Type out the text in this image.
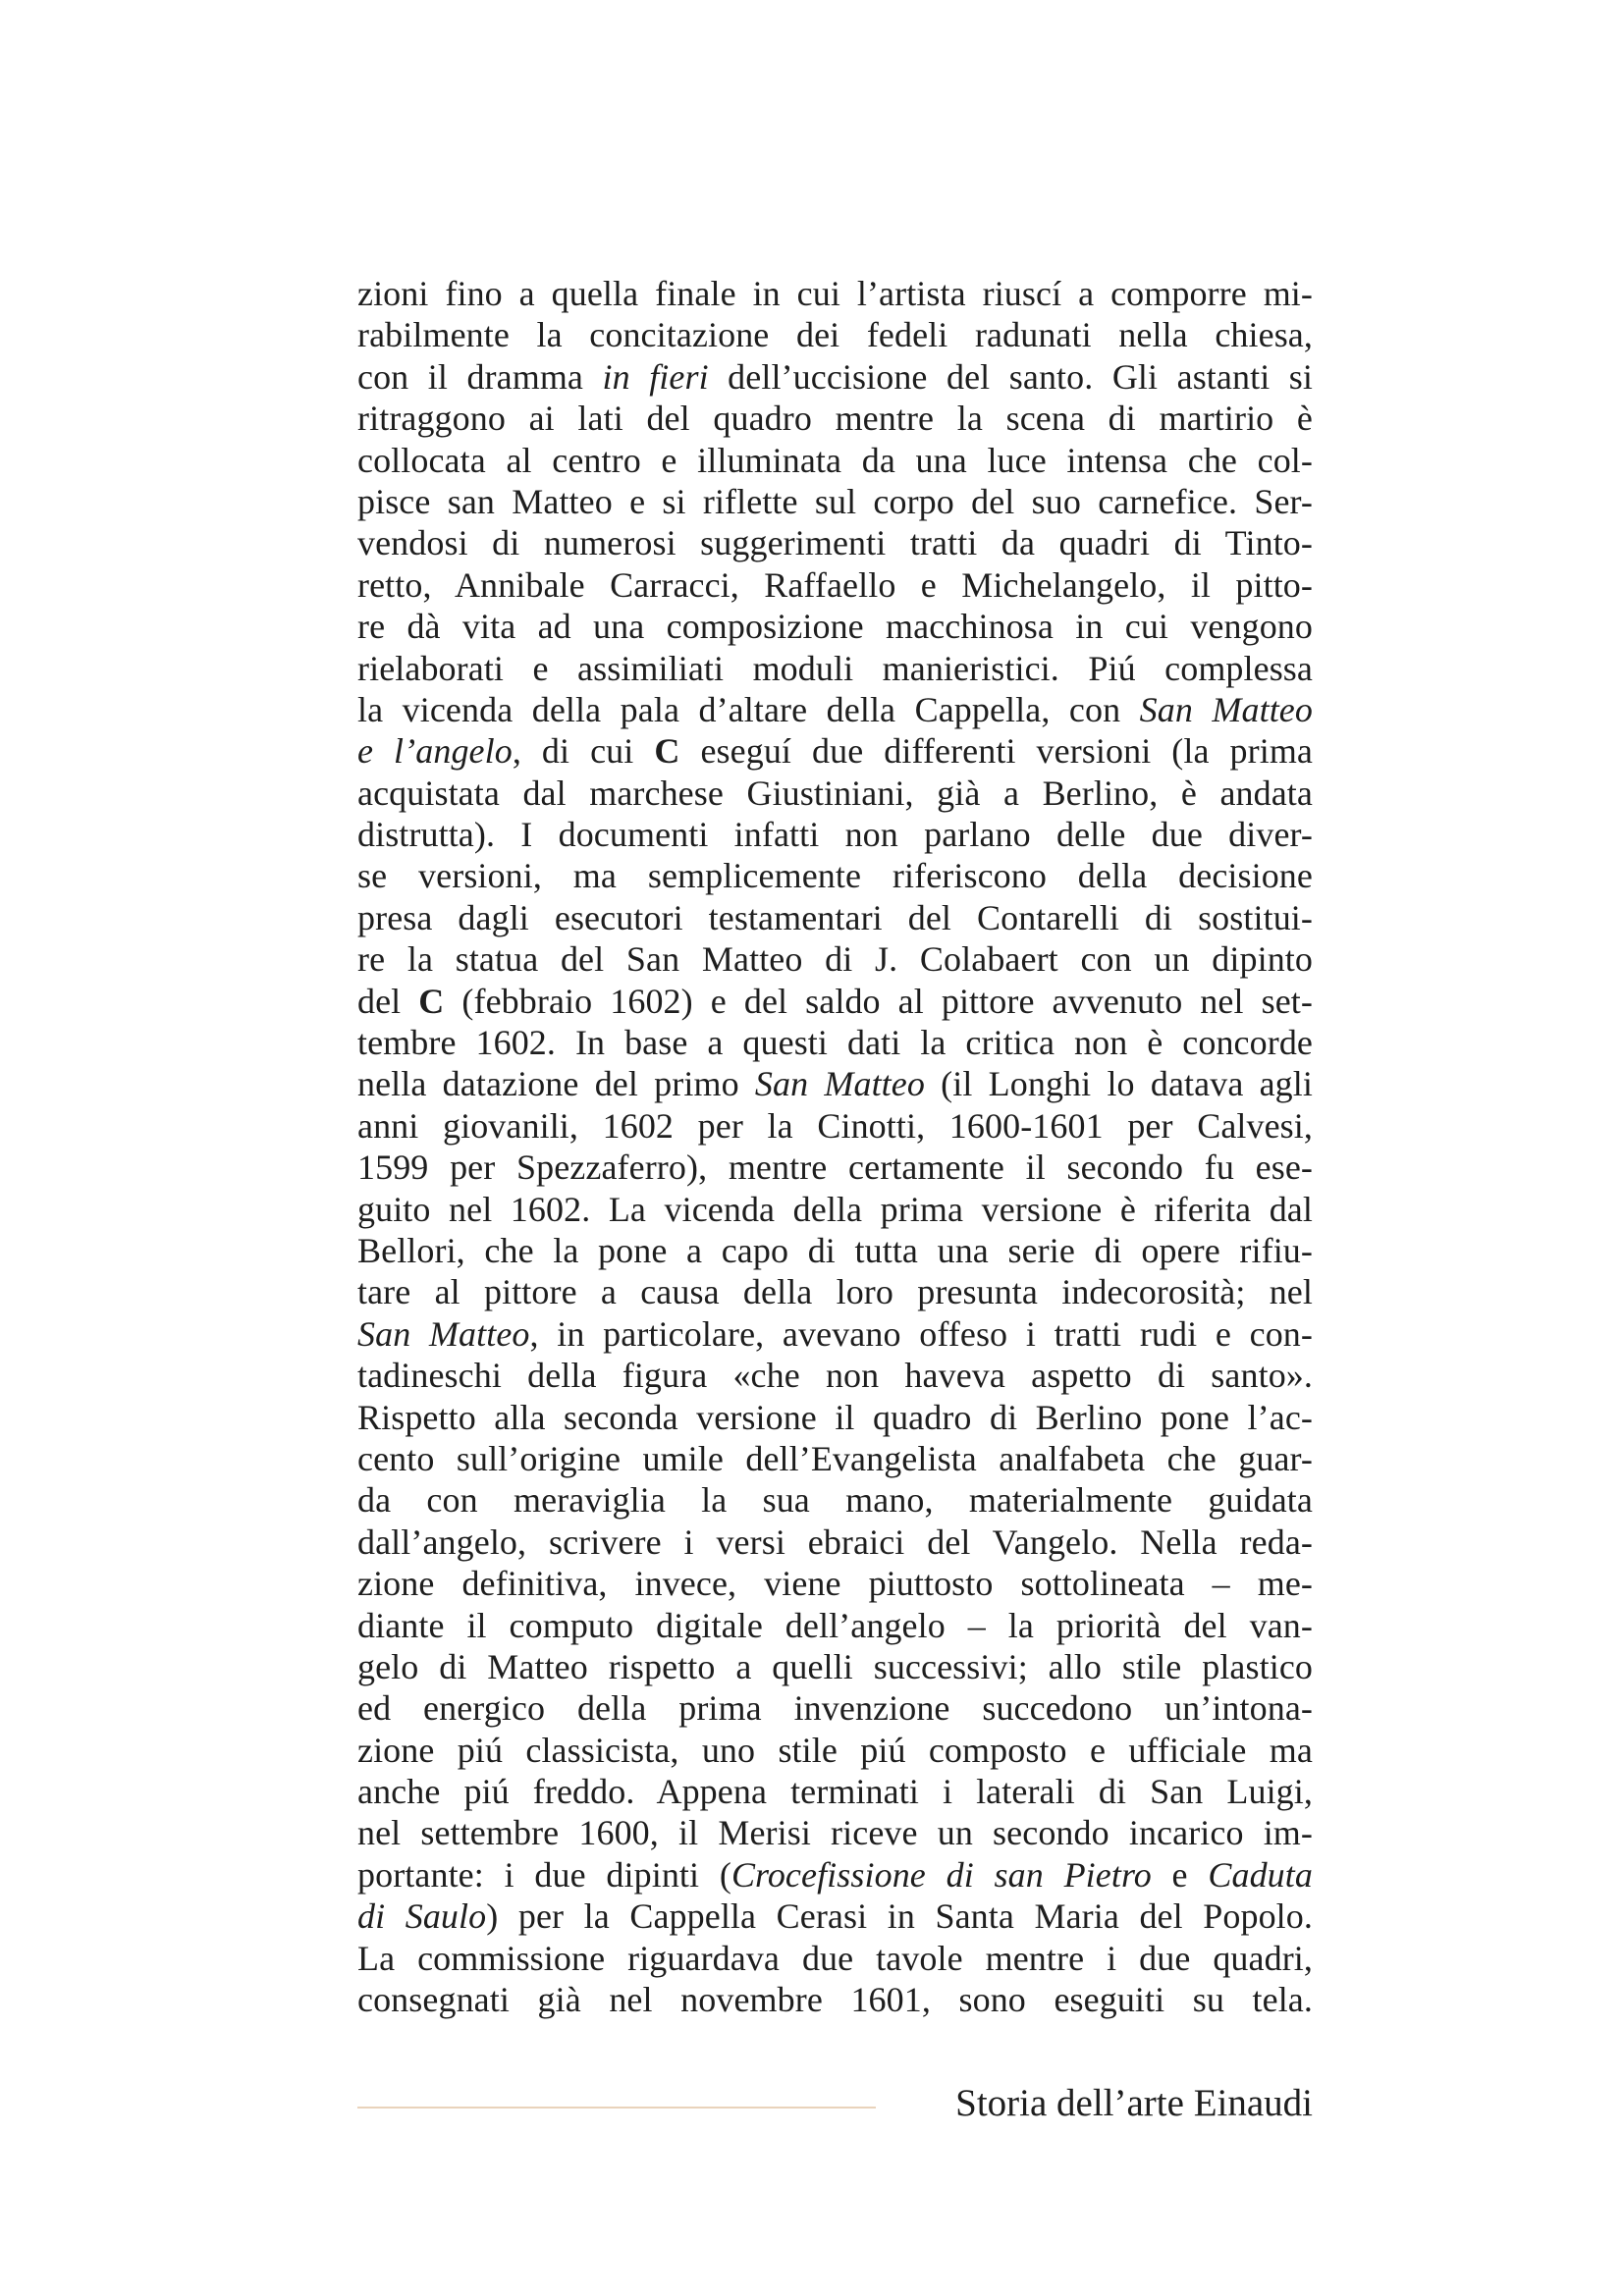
zioni fino a quella finale in cui l’artista riuscí a comporre mi-
rabilmente la concitazione dei fedeli radunati nella chiesa,
con il dramma in fieri dell’uccisione del santo. Gli astanti si
ritraggono ai lati del quadro mentre la scena di martirio è
collocata al centro e illuminata da una luce intensa che col-
pisce san Matteo e si riflette sul corpo del suo carnefice. Ser-
vendosi di numerosi suggerimenti tratti da quadri di Tinto-
retto, Annibale Carracci, Raffaello e Michelangelo, il pitto-
re dà vita ad una composizione macchinosa in cui vengono
rielaborati e assimiliati moduli manieristici. Piú complessa
la vicenda della pala d’altare della Cappella, con San Matteo
e l’angelo, di cui C eseguí due differenti versioni (la prima
acquistata dal marchese Giustiniani, già a Berlino, è andata
distrutta). I documenti infatti non parlano delle due diver-
se versioni, ma semplicemente riferiscono della decisione
presa dagli esecutori testamentari del Contarelli di sostitui-
re la statua del San Matteo di J. Colabaert con un dipinto
del C (febbraio 1602) e del saldo al pittore avvenuto nel set-
tembre 1602. In base a questi dati la critica non è concorde
nella datazione del primo San Matteo (il Longhi lo datava agli
anni giovanili, 1602 per la Cinotti, 1600-1601 per Calvesi,
1599 per Spezzaferro), mentre certamente il secondo fu ese-
guito nel 1602. La vicenda della prima versione è riferita dal
Bellori, che la pone a capo di tutta una serie di opere rifiu-
tare al pittore a causa della loro presunta indecorosità; nel
San Matteo, in particolare, avevano offeso i tratti rudi e con-
tadineschi della figura «che non haveva aspetto di santo».
Rispetto alla seconda versione il quadro di Berlino pone l’ac-
cento sull’origine umile dell’Evangelista analfabeta che guar-
da con meraviglia la sua mano, materialmente guidata
dall’angelo, scrivere i versi ebraici del Vangelo. Nella reda-
zione definitiva, invece, viene piuttosto sottolineata – me-
diante il computo digitale dell’angelo – la priorità del van-
gelo di Matteo rispetto a quelli successivi; allo stile plastico
ed energico della prima invenzione succedono un’intona-
zione piú classicista, uno stile piú composto e ufficiale ma
anche piú freddo. Appena terminati i laterali di San Luigi,
nel settembre 1600, il Merisi riceve un secondo incarico im-
portante: i due dipinti (Crocefissione di san Pietro e Caduta
di Saulo) per la Cappella Cerasi in Santa Maria del Popolo.
La commissione riguardava due tavole mentre i due quadri,
consegnati già nel novembre 1601, sono eseguiti su tela.
Storia dell’arte Einaudi
